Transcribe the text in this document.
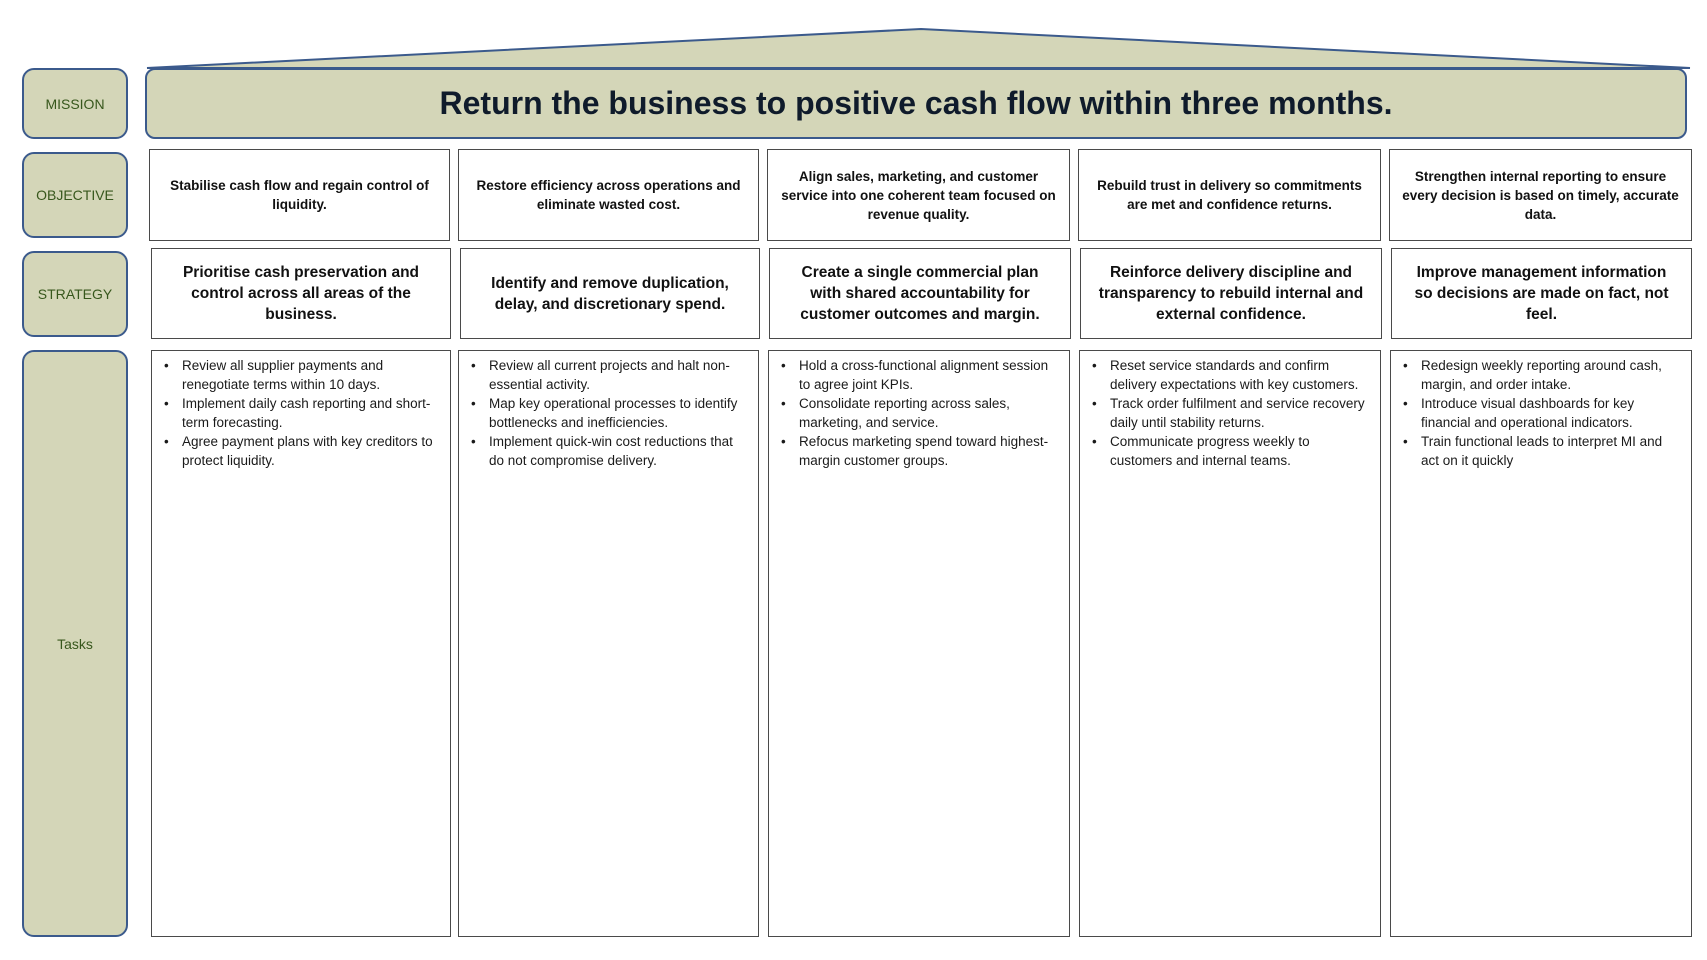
MISSION
OBJECTIVE
STRATEGY
Tasks
Return the business to positive cash flow within three months.
Stabilise cash flow and regain control of liquidity.
Restore efficiency across operations and eliminate wasted cost.
Align sales, marketing, and customer service into one coherent team focused on revenue quality.
Rebuild trust in delivery so commitments are met and confidence returns.
Strengthen internal reporting to ensure every decision is based on timely, accurate data.
Prioritise cash preservation and control across all areas of the business.
Identify and remove duplication, delay, and discretionary spend.
Create a single commercial plan with shared accountability for customer outcomes and margin.
Reinforce delivery discipline and transparency to rebuild internal and external confidence.
Improve management information so decisions are made on fact, not feel.
• Review all supplier payments and renegotiate terms within 10 days.
• Implement daily cash reporting and short-term forecasting.
• Agree payment plans with key creditors to protect liquidity.
• Review all current projects and halt non-essential activity.
• Map key operational processes to identify bottlenecks and inefficiencies.
• Implement quick-win cost reductions that do not compromise delivery.
• Hold a cross-functional alignment session to agree joint KPIs.
• Consolidate reporting across sales, marketing, and service.
• Refocus marketing spend toward highest-margin customer groups.
• Reset service standards and confirm delivery expectations with key customers.
• Track order fulfilment and service recovery daily until stability returns.
• Communicate progress weekly to customers and internal teams.
• Redesign weekly reporting around cash, margin, and order intake.
• Introduce visual dashboards for key financial and operational indicators.
• Train functional leads to interpret MI and act on it quickly
